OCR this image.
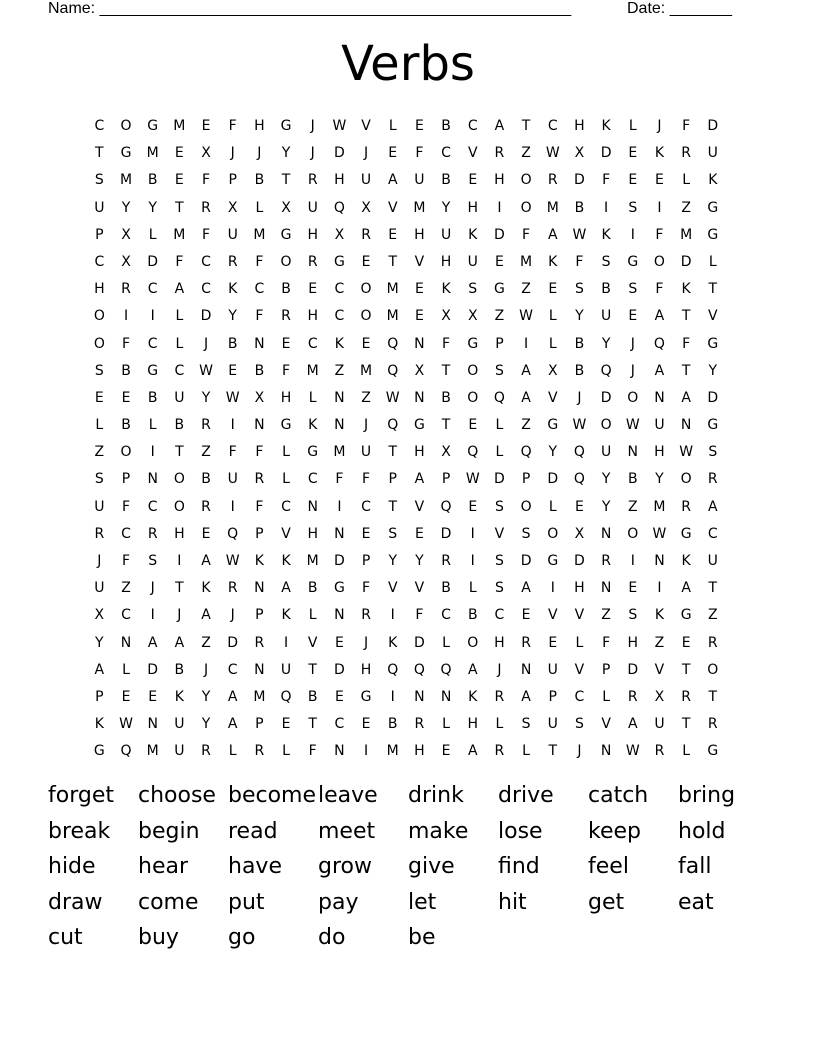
Name: _____________________________________________________	Date: _______
Verbs
C	O	G	M	E	F	H	G	J	W	V	L	E	B	C	A	T	C	H	K	L	J	F	D
T	G	M	E	X	J	J	Y	J	D	J	E	F	C	V	R	Z	W	X	D	E	K	R	U
S	M	B	E	F	P	B	T	R	H	U	A	U	B	E	H	O	R	D	F	E	E	L	K
U	Y	Y	T	R	X	L	X	U	Q	X	V	M	Y	H	I	O	M	B	I	S	I	Z	G
P	X	L	M	F	U	M	G	H	X	R	E	H	U	K	D	F	A	W	K	I	F	M	G
C	X	D	F	C	R	F	O	R	G	E	T	V	H	U	E	M	K	F	S	G	O	D	L
H	R	C	A	C	K	C	B	E	C	O	M	E	K	S	G	Z	E	S	B	S	F	K	T
O	I	I	L	D	Y	F	R	H	C	O	M	E	X	X	Z	W	L	Y	U	E	A	T	V
O	F	C	L	J	B	N	E	C	K	E	Q	N	F	G	P	I	L	B	Y	J	Q	F	G
S	B	G	C	W	E	B	F	M	Z	M	Q	X	T	O	S	A	X	B	Q	J	A	T	Y
E	E	B	U	Y	W	X	H	L	N	Z	W	N	B	O	Q	A	V	J	D	O	N	A	D
L	B	L	B	R	I	N	G	K	N	J	Q	G	T	E	L	Z	G	W	O	W	U	N	G
Z	O	I	T	Z	F	F	L	G	M	U	T	H	X	Q	L	Q	Y	Q	U	N	H	W	S
S	P	N	O	B	U	R	L	C	F	F	P	A	P	W	D	P	D	Q	Y	B	Y	O	R
U	F	C	O	R	I	F	C	N	I	C	T	V	Q	E	S	O	L	E	Y	Z	M	R	A
R	C	R	H	E	Q	P	V	H	N	E	S	E	D	I	V	S	O	X	N	O	W	G	C
J	F	S	I	A	W	K	K	M	D	P	Y	Y	R	I	S	D	G	D	R	I	N	K	U
U	Z	J	T	K	R	N	A	B	G	F	V	V	B	L	S	A	I	H	N	E	I	A	T
X	C	I	J	A	J	P	K	L	N	R	I	F	C	B	C	E	V	V	Z	S	K	G	Z
Y	N	A	A	Z	D	R	I	V	E	J	K	D	L	O	H	R	E	L	F	H	Z	E	R
A	L	D	B	J	C	N	U	T	D	H	Q	Q	Q	A	J	N	U	V	P	D	V	T	O
P	E	E	K	Y	A	M	Q	B	E	G	I	N	N	K	R	A	P	C	L	R	X	R	T
K	W	N	U	Y	A	P	E	T	C	E	B	R	L	H	L	S	U	S	V	A	U	T	R
G	Q	M	U	R	L	R	L	F	N	I	M	H	E	A	R	L	T	J	N	W	R	L	G
forget	choose become leave	drink	drive	catch	bring
break	begin	read	meet	make	lose	keep	hold
hide	hear	have	grow	give	find	feel	fall
draw	come	put	pay	let	hit	get	eat
cut	buy	go	do	be
